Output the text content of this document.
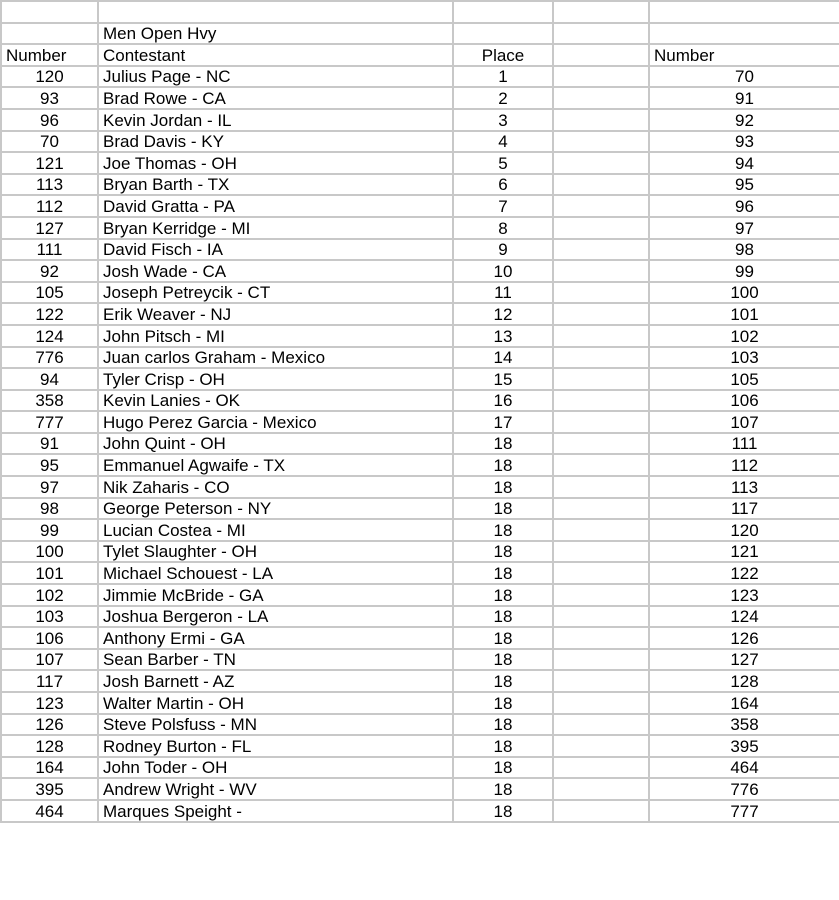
	Men Open Hvy			
Number	Contestant	Place		Number
120	Julius Page - NC	1		70
93	Brad Rowe - CA	2		91
96	Kevin Jordan - IL	3		92
70	Brad Davis - KY	4		93
121	Joe Thomas - OH	5		94
113	Bryan Barth - TX	6		95
112	David Gratta - PA	7		96
127	Bryan Kerridge - MI	8		97
111	David Fisch - IA	9		98
92	Josh Wade - CA	10		99
105	Joseph Petreycik - CT	11		100
122	Erik Weaver - NJ	12		101
124	John Pitsch - MI	13		102
776	Juan carlos Graham - Mexico	14		103
94	Tyler Crisp - OH	15		105
358	Kevin Lanies - OK	16		106
777	Hugo Perez Garcia - Mexico	17		107
91	John Quint - OH	18		111
95	Emmanuel Agwaife - TX	18		112
97	Nik Zaharis - CO	18		113
98	George Peterson - NY	18		117
99	Lucian Costea - MI	18		120
100	Tylet Slaughter - OH	18		121
101	Michael Schouest - LA	18		122
102	Jimmie McBride - GA	18		123
103	Joshua Bergeron - LA	18		124
106	Anthony Ermi - GA	18		126
107	Sean Barber - TN	18		127
117	Josh Barnett - AZ	18		128
123	Walter Martin - OH	18		164
126	Steve Polsfuss - MN	18		358
128	Rodney Burton - FL	18		395
164	John Toder - OH	18		464
395	Andrew Wright - WV	18		776
464	Marques Speight -	18		777
